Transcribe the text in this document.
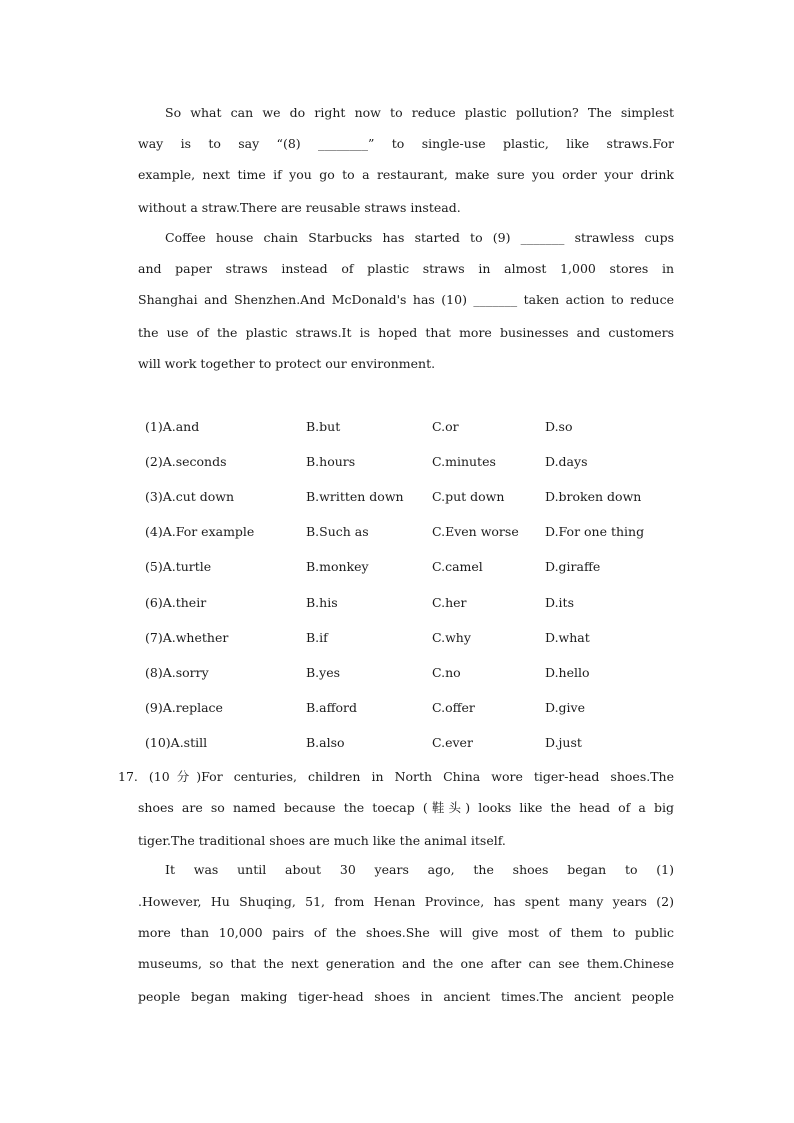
So what can we do right now to reduce plastic pollution? The simplest
way is to say “(8) ________” to single-use plastic, like straws.For
example, next time if you go to a restaurant, make sure you order your drink
without a straw.There are reusable straws instead.
Coffee house chain Starbucks has started to (9) _______ strawless cups
and paper straws instead of plastic straws in almost 1,000 stores in
Shanghai and Shenzhen.And McDonald's has (10) _______ taken action to reduce
the use of the plastic straws.It is hoped that more businesses and customers
will work together to protect our environment.
(1)A.and	B.but	C.or	D.so
(2)A.seconds	B.hours	C.minutes	D.days
(3)A.cut down	B.written down C.put down	D.broken down
(4)A.For example	B.Such as	C.Even worse D.For one thing
(5)A.turtle	B.monkey	C.camel	D.giraffe
(6)A.their	B.his	C.her	D.its
(7)A.whether	B.if	C.why	D.what
(8)A.sorry	B.yes	C.no	D.hello
(9)A.replace	B.afford	C.offer	D.give
(10)A.still	B.also	C.ever	D.just
17. (10分)For centuries, children in North China wore tiger-head shoes.The
shoes are so named because the toecap (鞋头) looks like the head of a big
tiger.The traditional shoes are much like the animal itself.
It was until about 30 years ago, the shoes began to (1)
.However, Hu Shuqing, 51, from Henan Province, has spent many years (2)
more than 10,000 pairs of the shoes.She will give most of them to public
museums, so that the next generation and the one after can see them.Chinese
people began making tiger-head shoes in ancient times.The ancient people
